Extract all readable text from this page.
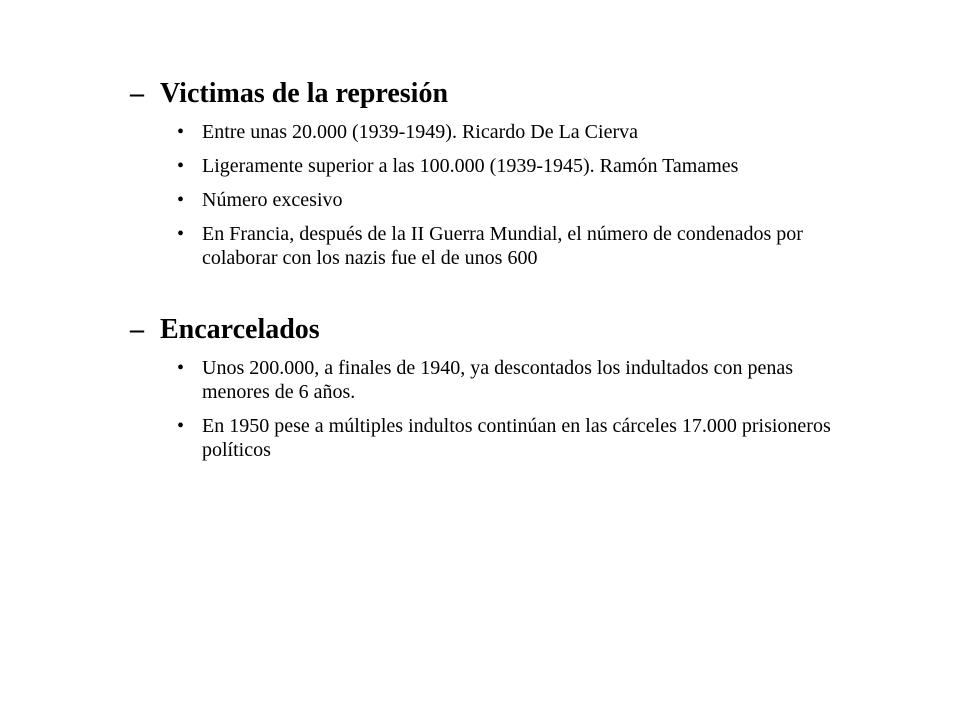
– Victimas de la represión
• Entre unas 20.000 (1939-1949). Ricardo De La Cierva
• Ligeramente superior a las 100.000 (1939-1945). Ramón Tamames
• Número excesivo
• En Francia, después de la II Guerra Mundial, el número de condenados por colaborar con los nazis fue el de unos 600
– Encarcelados
• Unos 200.000, a finales de 1940, ya descontados los indultados con penas menores de 6 años.
• En 1950 pese a múltiples indultos continúan en las cárceles 17.000 prisioneros políticos
